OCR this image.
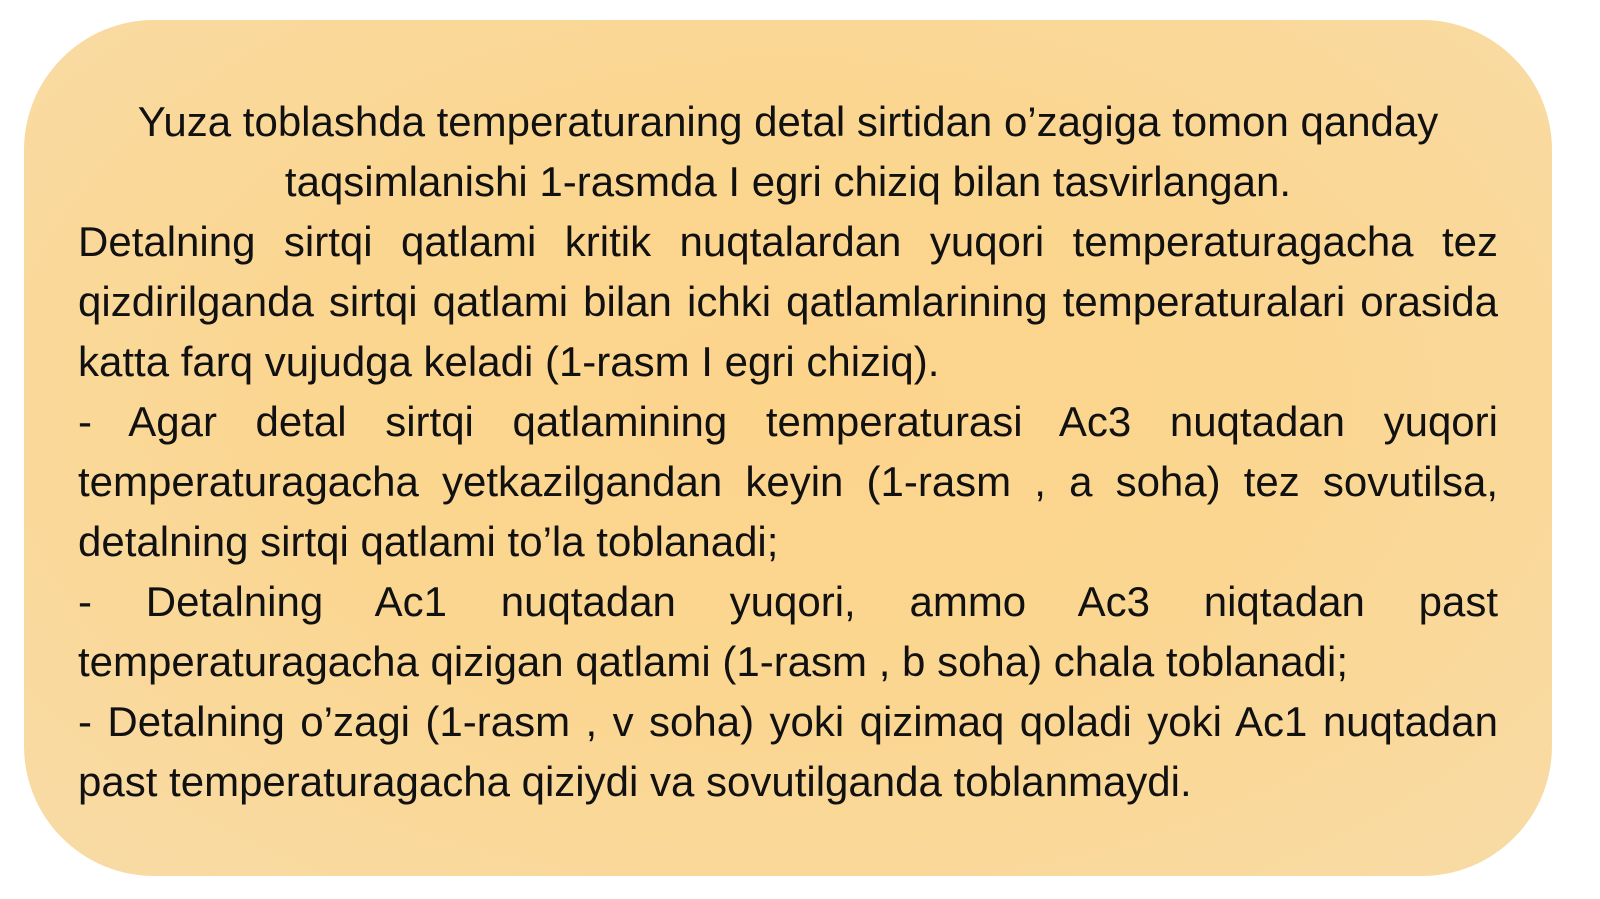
Yuza toblashda temperaturaning detal sirtidan o’zagiga tomon qanday taqsimlanishi 1-rasmda I egri chiziq bilan tasvirlangan.

Detalning sirtqi qatlami kritik nuqtalardan yuqori temperaturagacha tez qizdirilganda sirtqi qatlami bilan ichki qatlamlarining temperaturalari orasida katta farq vujudga keladi (1-rasm I egri chiziq).

- Agar detal sirtqi qatlamining temperaturasi Ac3 nuqtadan yuqori temperaturagacha yetkazilgandan keyin (1-rasm , a soha) tez sovutilsa, detalning sirtqi qatlami to’la toblanadi;

- Detalning Ac1 nuqtadan yuqori, ammo Ac3 niqtadan past temperaturagacha qizigan qatlami (1-rasm , b soha) chala toblanadi;

- Detalning o’zagi (1-rasm , v soha) yoki qizimaq qoladi yoki Ac1 nuqtadan past temperaturagacha qiziydi va sovutilganda toblanmaydi.
